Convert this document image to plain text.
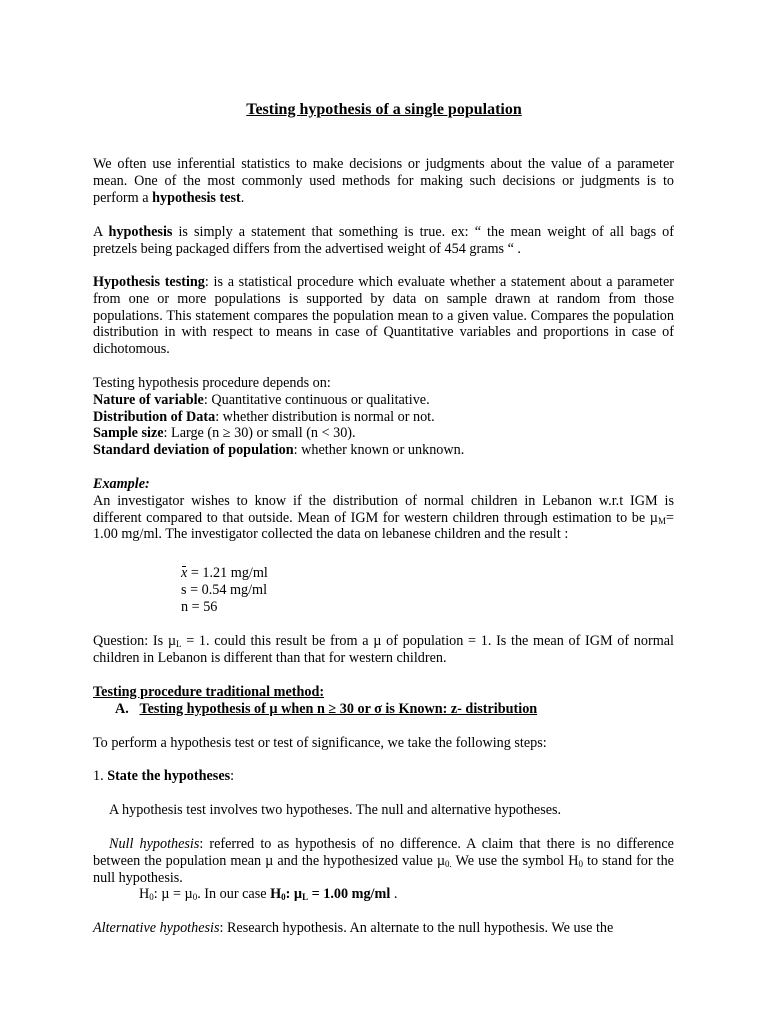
Testing hypothesis of a single population

We often use inferential statistics to make decisions or judgments about the value of a parameter mean. One of the most commonly used methods for making such decisions or judgments is to perform a hypothesis test.

A hypothesis is simply a statement that something is true. ex: “ the mean weight of all bags of pretzels being packaged differs from the advertised weight of 454 grams “ .

Hypothesis testing: is a statistical procedure which evaluate whether a statement about a parameter from one or more populations is supported by data on sample drawn at random from those populations. This statement compares the population mean to a given value. Compares the population distribution in with respect to means in case of Quantitative variables and proportions in case of dichotomous.

Testing hypothesis procedure depends on:
Nature of variable: Quantitative continuous or qualitative.
Distribution of Data: whether distribution is normal or not.
Sample size: Large (n ≥ 30) or small (n < 30).
Standard deviation of population: whether known or unknown.
Example:

An investigator wishes to know if the distribution of normal children in Lebanon w.r.t IGM is different compared to that outside. Mean of IGM for western children through estimation to be µ$_M$= 1.00 mg/ml. The investigator collected the data on lebanese children and the result :

x = 1.21 mg/ml
s = 0.54 mg/ml
n = 56

Question: Is µ$_L$ = 1. could this result be from a µ of population = 1. Is the mean of IGM of normal children in Lebanon is different than that for western children.

Testing procedure traditional method:
A. Testing hypothesis of µ when n ≥ 30 or σ is Known: z- distribution
To perform a hypothesis test or test of significance, we take the following steps:
1. State the hypotheses:
A hypothesis test involves two hypotheses. The null and alternative hypotheses.

Null hypothesis: referred to as hypothesis of no difference. A claim that there is no difference between the population mean µ and the hypothesized value µ$_{0.}$ We use the symbol $H_0$ to stand for the null hypothesis.

$H_0$: µ = µ$_0$. In our case $H_0$: µ$_L$ = 1.00 mg/ml .
Alternative hypothesis: Research hypothesis. An alternate to the null hypothesis. We use the
